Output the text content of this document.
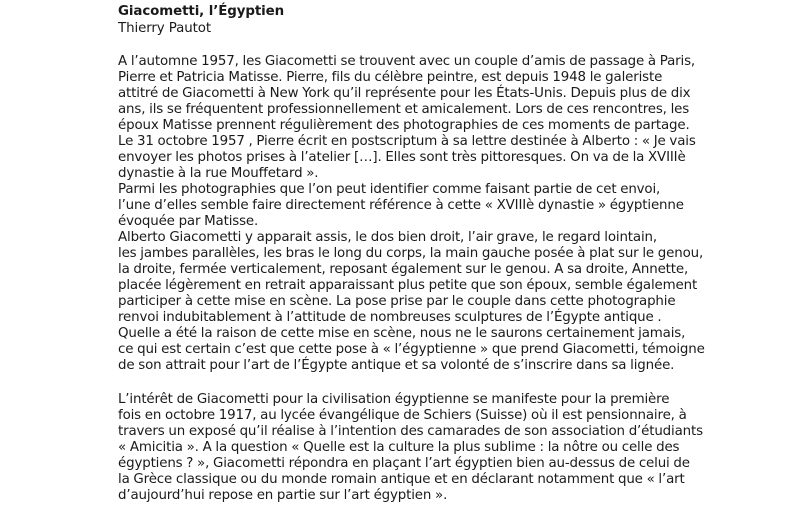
Giacometti, l’Égyptien
Thierry Pautot
A l’automne 1957, les Giacometti se trouvent avec un couple d’amis de passage à Paris,
Pierre et Patricia Matisse. Pierre, fils du célèbre peintre, est depuis 1948 le galeriste
attitré de Giacometti à New York qu’il représente pour les États-Unis. Depuis plus de dix
ans, ils se fréquentent professionnellement et amicalement. Lors de ces rencontres, les
époux Matisse prennent régulièrement des photographies de ces moments de partage.
Le 31 octobre 1957 , Pierre écrit en postscriptum à sa lettre destinée à Alberto : « Je vais
envoyer les photos prises à l’atelier […]. Elles sont très pittoresques. On va de la XVIIIè
dynastie à la rue Mouffetard ».
Parmi les photographies que l’on peut identifier comme faisant partie de cet envoi,
l’une d’elles semble faire directement référence à cette « XVIIIè dynastie » égyptienne
évoquée par Matisse.
Alberto Giacometti y apparait assis, le dos bien droit, l’air grave, le regard lointain,
les jambes parallèles, les bras le long du corps, la main gauche posée à plat sur le genou,
la droite, fermée verticalement, reposant également sur le genou. A sa droite, Annette,
placée légèrement en retrait apparaissant plus petite que son époux, semble également
participer à cette mise en scène. La pose prise par le couple dans cette photographie
renvoi indubitablement à l’attitude de nombreuses sculptures de l’Égypte antique .
Quelle a été la raison de cette mise en scène, nous ne le saurons certainement jamais,
ce qui est certain c’est que cette pose à « l’égyptienne » que prend Giacometti, témoigne
de son attrait pour l’art de l’Égypte antique et sa volonté de s’inscrire dans sa lignée.
L’intérêt de Giacometti pour la civilisation égyptienne se manifeste pour la première
fois en octobre 1917, au lycée évangélique de Schiers (Suisse) où il est pensionnaire, à
travers un exposé qu’il réalise à l’intention des camarades de son association d’étudiants
« Amicitia ». A la question « Quelle est la culture la plus sublime : la nôtre ou celle des
égyptiens ? », Giacometti répondra en plaçant l’art égyptien bien au-dessus de celui de
la Grèce classique ou du monde romain antique et en déclarant notamment que « l’art
d’aujourd’hui repose en partie sur l’art égyptien ».
